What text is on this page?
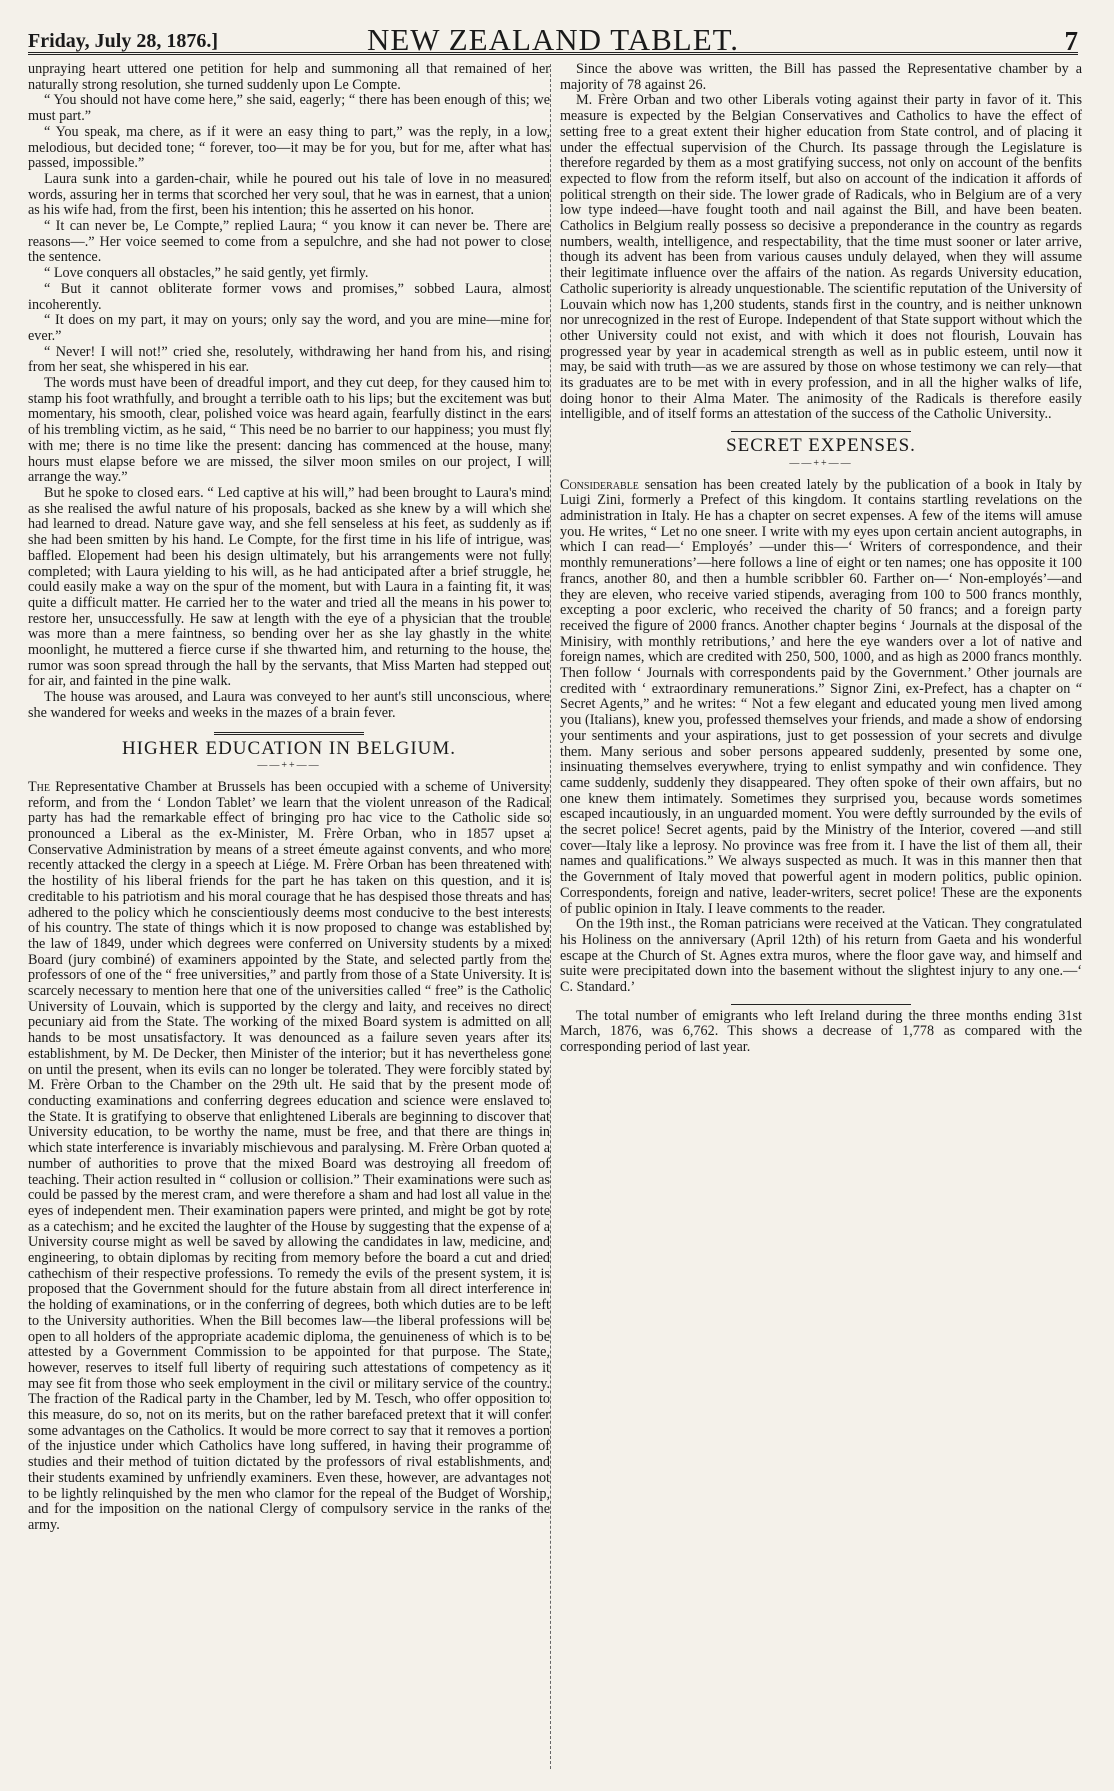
Friday, July 28, 1876.]	NEW ZEALAND TABLET.	7

unpraying heart uttered one petition for help and summoning all that remained of her naturally strong resolution, she turned suddenly upon Le Compte.

“ You should not have come here,” she said, eagerly; “ there has been enough of this; we must part.”

“ You speak, ma chere, as if it were an easy thing to part,” was the reply, in a low, melodious, but decided tone; “ forever, too—it may be for you, but for me, after what has passed, impossible.”

Laura sunk into a garden-chair, while he poured out his tale of love in no measured words, assuring her in terms that scorched her very soul, that he was in earnest, that a union as his wife had, from the first, been his intention; this he asserted on his honor.

“ It can never be, Le Compte,” replied Laura; “ you know it can never be. There are reasons—.” Her voice seemed to come from a sepulchre, and she had not power to close the sentence.

“ Love conquers all obstacles,” he said gently, yet firmly.

“ But it cannot obliterate former vows and promises,” sobbed Laura, almost incoherently.

“ It does on my part, it may on yours; only say the word, and you are mine—mine for ever.”

“ Never! I will not!” cried she, resolutely, withdrawing her hand from his, and rising from her seat, she whispered in his ear.

The words must have been of dreadful import, and they cut deep, for they caused him to stamp his foot wrathfully, and brought a terrible oath to his lips; but the excitement was but momentary, his smooth, clear, polished voice was heard again, fearfully distinct in the ears of his trembling victim, as he said, “ This need be no barrier to our happiness; you must fly with me; there is no time like the present: dancing has commenced at the house, many hours must elapse before we are missed, the silver moon smiles on our project, I will arrange the way.”

But he spoke to closed ears. “ Led captive at his will,” had been brought to Laura's mind as she realised the awful nature of his proposals, backed as she knew by a will which she had learned to dread. Nature gave way, and she fell senseless at his feet, as suddenly as if she had been smitten by his hand. Le Compte, for the first time in his life of intrigue, was baffled. Elopement had been his design ultimately, but his arrangements were not fully completed; with Laura yielding to his will, as he had anticipated after a brief struggle, he could easily make a way on the spur of the moment, but with Laura in a fainting fit, it was quite a difficult matter. He carried her to the water and tried all the means in his power to restore her, unsuccessfully. He saw at length with the eye of a physician that the trouble was more than a mere faintness, so bending over her as she lay ghastly in the white moonlight, he muttered a fierce curse if she thwarted him, and returning to the house, the rumor was soon spread through the hall by the servants, that Miss Marten had stepped out for air, and fainted in the pine walk.

The house was aroused, and Laura was conveyed to her aunt's still unconscious, where she wandered for weeks and weeks in the mazes of a brain fever.

HIGHER EDUCATION IN BELGIUM.
——++——

The Representative Chamber at Brussels has been occupied with a scheme of University reform, and from the ‘ London Tablet’ we learn that the violent unreason of the Radical party has had the remarkable effect of bringing pro hac vice to the Catholic side so pronounced a Liberal as the ex-Minister, M. Frère Orban, who in 1857 upset a Conservative Administration by means of a street émeute against convents, and who more recently attacked the clergy in a speech at Liége. M. Frère Orban has been threatened with the hostility of his liberal friends for the part he has taken on this question, and it is creditable to his patriotism and his moral courage that he has despised those threats and has adhered to the policy which he conscientiously deems most conducive to the best interests of his country. The state of things which it is now proposed to change was established by the law of 1849, under which degrees were conferred on University students by a mixed Board (jury combiné) of examiners appointed by the State, and selected partly from the professors of one of the “ free universities,” and partly from those of a State University. It is scarcely necessary to mention here that one of the universities called “ free” is the Catholic University of Louvain, which is supported by the clergy and laity, and receives no direct pecuniary aid from the State. The working of the mixed Board system is admitted on all hands to be most unsatisfactory. It was denounced as a failure seven years after its establishment, by M. De Decker, then Minister of the interior; but it has nevertheless gone on until the present, when its evils can no longer be tolerated. They were forcibly stated by M. Frère Orban to the Chamber on the 29th ult. He said that by the present mode of conducting examinations and conferring degrees education and science were enslaved to the State. It is gratifying to observe that enlightened Liberals are beginning to discover that University education, to be worthy the name, must be free, and that there are things in which state interference is invariably mischievous and paralysing. M. Frère Orban quoted a number of authorities to prove that the mixed Board was destroying all freedom of teaching. Their action resulted in “ collusion or collision.” Their examinations were such as could be passed by the merest cram, and were therefore a sham and had lost all value in the eyes of independent men. Their examination papers were printed, and might be got by rote as a catechism; and he excited the laughter of the House by suggesting that the expense of a University course might as well be saved by allowing the candidates in law, medicine, and engineering, to obtain diplomas by reciting from memory before the board a cut and dried cathechism of their respective professions. To remedy the evils of the present system, it is proposed that the Government should for the future abstain from all direct interference in the holding of examinations, or in the conferring of degrees, both which duties are to be left to the University authorities. When the Bill becomes law—the liberal professions will be open to all holders of the appropriate academic diploma, the genuineness of which is to be attested by a Government Commission to be appointed for that purpose. The State, however, reserves to itself full liberty of requiring such attestations of competency as it may see fit from those who seek employment in the civil or military service of the country. The fraction of the Radical party in the Chamber, led by M. Tesch, who offer opposition to this measure, do so, not on its merits, but on the rather barefaced pretext that it will confer some advantages on the Catholics. It would be more correct to say that it removes a portion of the injustice under which Catholics have long suffered, in having their programme of studies and their method of tuition dictated by the professors of rival establishments, and their students examined by unfriendly examiners. Even these, however, are advantages not to be lightly relinquished by the men who clamor for the repeal of the Budget of Worship, and for the imposition on the national Clergy of compulsory service in the ranks of the army.

Since the above was written, the Bill has passed the Representative chamber by a majority of 78 against 26.

M. Frère Orban and two other Liberals voting against their party in favor of it. This measure is expected by the Belgian Conservatives and Catholics to have the effect of setting free to a great extent their higher education from State control, and of placing it under the effectual supervision of the Church. Its passage through the Legislature is therefore regarded by them as a most gratifying success, not only on account of the benfits expected to flow from the reform itself, but also on account of the indication it affords of political strength on their side. The lower grade of Radicals, who in Belgium are of a very low type indeed—have fought tooth and nail against the Bill, and have been beaten. Catholics in Belgium really possess so decisive a preponderance in the country as regards numbers, wealth, intelligence, and respectability, that the time must sooner or later arrive, though its advent has been from various causes unduly delayed, when they will assume their legitimate influence over the affairs of the nation. As regards University education, Catholic superiority is already unquestionable. The scientific reputation of the University of Louvain which now has 1,200 students, stands first in the country, and is neither unknown nor unrecognized in the rest of Europe. Independent of that State support without which the other University could not exist, and with which it does not flourish, Louvain has progressed year by year in academical strength as well as in public esteem, until now it may, be said with truth—as we are assured by those on whose testimony we can rely—that its graduates are to be met with in every profession, and in all the higher walks of life, doing honor to their Alma Mater. The animosity of the Radicals is therefore easily intelligible, and of itself forms an attestation of the success of the Catholic University..

SECRET EXPENSES.
——++——

Considerable sensation has been created lately by the publication of a book in Italy by Luigi Zini, formerly a Prefect of this kingdom. It contains startling revelations on the administration in Italy. He has a chapter on secret expenses. A few of the items will amuse you. He writes, “ Let no one sneer. I write with my eyes upon certain ancient autographs, in which I can read—‘ Employés’ —under this—‘ Writers of correspondence, and their monthly remunerations’—here follows a line of eight or ten names; one has opposite it 100 francs, another 80, and then a humble scribbler 60. Farther on—‘ Non-employés’—and they are eleven, who receive varied stipends, averaging from 100 to 500 francs monthly, excepting a poor excleric, who received the charity of 50 francs; and a foreign party received the figure of 2000 francs. Another chapter begins ‘ Journals at the disposal of the Minisiry, with monthly retributions,’ and here the eye wanders over a lot of native and foreign names, which are credited with 250, 500, 1000, and as high as 2000 francs monthly. Then follow ‘ Journals with correspondents paid by the Government.’ Other journals are credited with ‘ extraordinary remunerations.” Signor Zini, ex-Prefect, has a chapter on “ Secret Agents,” and he writes: “ Not a few elegant and educated young men lived among you (Italians), knew you, professed themselves your friends, and made a show of endorsing your sentiments and your aspirations, just to get possession of your secrets and divulge them. Many serious and sober persons appeared suddenly, presented by some one, insinuating themselves everywhere, trying to enlist sympathy and win confidence. They came suddenly, suddenly they disappeared. They often spoke of their own affairs, but no one knew them intimately. Sometimes they surprised you, because words sometimes escaped incautiously, in an unguarded moment. You were deftly surrounded by the evils of the secret police! Secret agents, paid by the Ministry of the Interior, covered —and still cover—Italy like a leprosy. No province was free from it. I have the list of them all, their names and qualifications.” We always suspected as much. It was in this manner then that the Government of Italy moved that powerful agent in modern politics, public opinion. Correspondents, foreign and native, leader-writers, secret police! These are the exponents of public opinion in Italy. I leave comments to the reader.

On the 19th inst., the Roman patricians were received at the Vatican. They congratulated his Holiness on the anniversary (April 12th) of his return from Gaeta and his wonderful escape at the Church of St. Agnes extra muros, where the floor gave way, and himself and suite were precipitated down into the basement without the slightest injury to any one.—‘ C. Standard.’

The total number of emigrants who left Ireland during the three months ending 31st March, 1876, was 6,762. This shows a decrease of 1,778 as compared with the corresponding period of last year.
